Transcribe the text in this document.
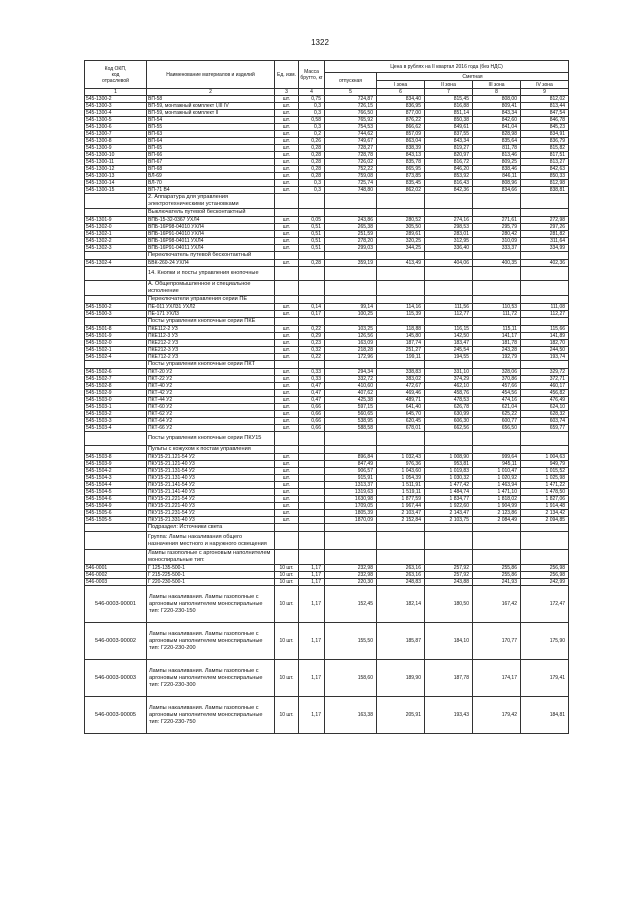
1322
Код ОКП,
код
отраслевой	Наименование материалов и изделий	Ед. изм.	Масса брутто, кг	Цена в рублях на II квартал 2016 года (без НДС)				
				отпускная	Сметная			
					I зона	II зона	III зона	IV зона
1	2	3	4	5	6	7	8	9
545-1300-2	ВП-58	шт.	0,75	724,87	834,40	815,45	808,00	812,02
545-1300-3	ВП-59, монтажный комплект I,III IV	шт.	0,3	726,15	836,95	816,88	809,41	813,44
545-1300-4	ВП-59, монтажный комплект II	шт.	0,3	766,50	877,00	851,14	843,34	847,54
545-1300-5	ВП-54	шт.	0,58	765,92	876,22	850,38	842,60	846,78
545-1300-6	ВП-55	шт.	0,3	754,53	866,62	849,61	841,04	845,23
545-1300-7	ВП-63	шт.	0,2	744,62	857,09	837,55	828,98	834,91
545-1300-8	ВП-64	шт.	0,26	749,67	863,04	843,34	835,64	836,79
545-1300-9	ВП-65	шт.	0,28	728,27	838,39	819,27	811,78	815,82
545-1300-10	ВП-66	шт.	0,28	728,78	843,13	820,97	813,46	817,51
545-1300-11	ВП-67	шт.	0,28	726,02	835,78	816,72	809,25	813,27
545-1300-12	ВП-68	шт.	0,28	752,22	865,95	846,20	838,46	842,63
545-1300-13	ВЛ-69	шт.	0,28	759,08	873,85	853,92	846,11	850,33
545-1300-14	ВЛ-70	шт.	0,3	725,74	835,45	816,43	808,96	812,98
545-1300-15	ВП-71 В4	шт.	0,3	748,80	862,02	842,36	834,66	838,81
	2. Аппаратура для управления электротехническими установками							
	Выключатель путевой бесконтактный							
545-1301-9	ВПБ-15-32-0367 УХЛ4	шт.	0,05	243,86	280,52	274,16	271,61	272,98
545-1302-0	ВПБ-16Р98-04010 УХЛ4	шт.	0,51	265,38	305,50	298,53	295,79	297,26
545-1302-1	ВПБ-16Р91-04010 УХЛ4	шт.	0,51	251,59	289,61	283,01	280,42	281,82
545-1302-2	ВПБ-16Р98-04011 УХЛ4	шт.	0,51	278,20	320,25	312,95	310,09	311,64
545-1302-3	ВПБ-16Р91-04011 УХЛ4	шт.	0,51	299,03	344,25	336,40	333,37	334,99
	Переключатель путевой бесконтактный							
545-1302-4	БВК-260-24 УХЛ4	шт.	0,28	359,19	413,49	404,06	400,35	402,36
	14. Кнопки и посты управления кнопочные							
	А. Общепромышленное и специальное исполнение							
	Переключатели управления серии ПЕ							
545-1500-2	ПЕ-011 УХЛ31 УХЛ2	шт.	0,14	99,14	114,16	111,56	110,53	111,08
545-1500-3	ПЕ-171 УХЛ3	шт.	0,17	100,25	115,39	112,77	111,72	112,27
	Посты управления кнопочные серии ПКЕ							
545-1501-8	ПКЕ112-2 УЗ	шт.	0,22	103,25	118,88	116,15	115,11	115,66
545-1501-9	ПКЕ112-3 УЗ	шт.	0,29	126,56	145,80	142,50	141,17	141,89
545-1502-0	ПКЕ212-2 УЗ	шт.	0,23	163,09	187,74	183,47	181,78	182,70
545-1502-1	ПКЕ212-3 УЗ	шт.	0,32	218,28	251,27	245,54	243,28	244,50
545-1502-4	ПКЕ712-2 УЗ	шт.	0,22	172,96	199,11	194,55	192,79	193,74
	Посты управления кнопочные серии ПКТ							
545-1502-6	ПКТ-20 У2	шт.	0,33	294,34	338,83	331,10	328,06	329,72
545-1502-7	ПКТ-22 У2	шт.	0,33	332,72	383,02	374,29	370,86	372,71
545-1502-8	ПКТ-40 У2	шт.	0,47	410,60	472,67	462,10	457,66	460,17
545-1502-9	ПКТ-42 У2	шт.	0,47	407,62	469,46	458,76	454,56	456,82
545-1503-0	ПКТ-44 У2	шт.	0,47	425,38	489,71	478,53	474,16	476,49
545-1503-1	ПКТ-60 У2	шт.	0,66	597,15	641,40	626,78	621,04	624,10
545-1503-2	ПКТ-62 У2	шт.	0,66	560,65	645,70	630,99	625,22	628,32
545-1503-3	ПКТ-64 У2	шт.	0,66	538,95	620,45	606,30	600,77	603,74
545-1503-4	ПКТ-66 У2	шт.	0,66	588,58	678,01	662,56	656,50	659,77
	Посты управления кнопочные серии ПКУ15							
	Пульты с кожухом к постам управления							
545-1503-8	ПКУ15-21.121-54 У2	шт.		896,84	1 032,43	1 008,90	999,64	1 004,63
545-1503-9	ПКУ15-21.121-40 У3	шт.		847,49	976,36	953,81	945,11	949,79
545-1504-2	ПКУ15-21.131-54 У2	шт.		906,57	1 043,60	1 019,83	1 010,47	1 015,52
545-1504-3	ПКУ15-21.131-40 У3	шт.		915,91	1 054,39	1 030,32	1 020,92	1 025,98
545-1504-4	ПКУ15-21.141-54 У2	шт.		1313,37	1 511,91	1 477,42	1 463,94	1 471,22
545-1504-5	ПКУ15-21.141-40 У3	шт.		1319,63	1 519,11	1 484,74	1 471,10	1 478,50
545-1504-6	ПКУ15-21.221-54 У2	шт.		1630,98	1 877,59	1 834,77	1 818,02	1 827,06
545-1504-9	ПКУ15-21.221-40 У3	шт.		1709,05	1 967,44	1 922,60	1 904,99	1 914,48
545-1505-6	ПКУ15-21.231-54 У2	шт.		1805,39	2 103,47	2 143,47	2 123,86	2 134,42
545-1505-5	ПКУ15-21.331-40 У3	шт.		1870,09	2 152,84	2 103,75	2 084,49	2 094,85
	Подраздел: Источники света							
	Группа: Лампы накаливания общего назначения местного и наружного освещения							
	Лампы газополные с аргоновым наполнителем моноспиральные тип:							
546-0001	Г 125-135-500-1	10 шт.	1,17	232,98	263,16	257,92	255,86	256,98
546-0002	Г 215-225-500-1	10 шт.	1,17	232,98	263,16	257,92	255,86	256,98
546-0003	Г 220-230-500-1	10 шт.	1,17	220,30	248,83	243,88	241,93	242,99
546-0003-90001	Лампы накаливания. Лампы газополные с аргоновым наполнителем моноспиральные тип: Г220-230-150	10 шт.	1,17	152,45	182,14	180,50	167,42	172,47
546-0003-90002	Лампы накаливания. Лампы газополные с аргоновым наполнителем моноспиральные тип: Г220-230-200	10 шт.	1,17	155,50	185,87	184,10	170,77	175,90
546-0003-90003	Лампы накаливания. Лампы газополные с аргоновым наполнителем моноспиральные тип: Г220-230-300	10 шт.	1,17	158,60	189,90	187,78	174,17	179,41
546-0003-90005	Лампы накаливания. Лампы газополные с аргоновым наполнителем моноспиральные тип: Г220-230-750	10 шт.	1,17	163,38	205,91	193,43	179,42	184,81
